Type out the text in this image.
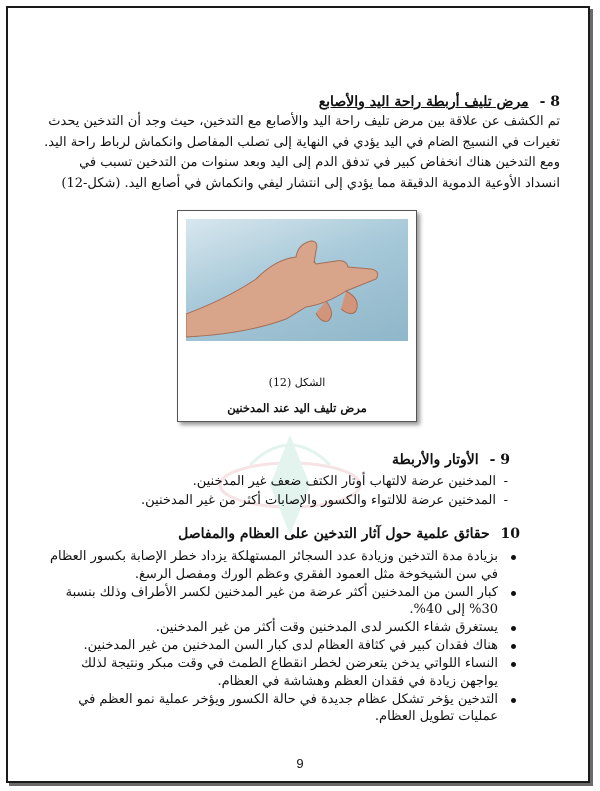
8 - مرض تليف أربطة راحة اليد والأصابع

تم الكشف عن علاقة بين مرض تليف راحة اليد والأصابع مع التدخين، حيث وجد أن التدخين يحدث تغيرات في النسيج الضام في اليد يؤدي في النهاية إلى تصلب المفاصل وانكماش لرباط راحة اليد. ومع التدخين هناك انخفاض كبير في تدفق الدم إلى اليد وبعد سنوات من التدخين تسبب في انسداد الأوعية الدموية الدقيقة مما يؤدي إلى انتشار ليفي وانكماش في أصابع اليد. (شكل-12)

الشكل (12)
مرض تليف اليد عند المدخنين
9 - الأوتار والأربطة
- المدخنين عرضة لالتهاب أوتار الكتف ضعف غير المدخنين.
- المدخنين عرضة للالتواء والكسور والإصابات أكثر من غير المدخنين.
10 حقائق علمية حول آثار التدخين على العظام والمفاصل
بزيادة مدة التدخين وزيادة عدد السجائر المستهلكة يزداد خطر الإصابة بكسور العظام في سن الشيخوخة مثل العمود الفقري وعظم الورك ومفصل الرسغ.
كبار السن من المدخنين أكثر عرضة من غير المدخنين لكسر الأطراف وذلك بنسبة 30% إلى 40%.
يستغرق شفاء الكسر لدى المدخنين وقت أكثر من غير المدخنين.
هناك فقدان كبير في كثافة العظام لدى كبار السن المدخنين من غير المدخنين.
النساء اللواتي يدخن يتعرضن لخطر انقطاع الطمث في وقت مبكر ونتيجة لذلك يواجهن زيادة في فقدان العظم وهشاشة في العظام.
التدخين يؤخر تشكل عظام جديدة في حالة الكسور ويؤخر عملية نمو العظم في عمليات تطويل العظام.
9
